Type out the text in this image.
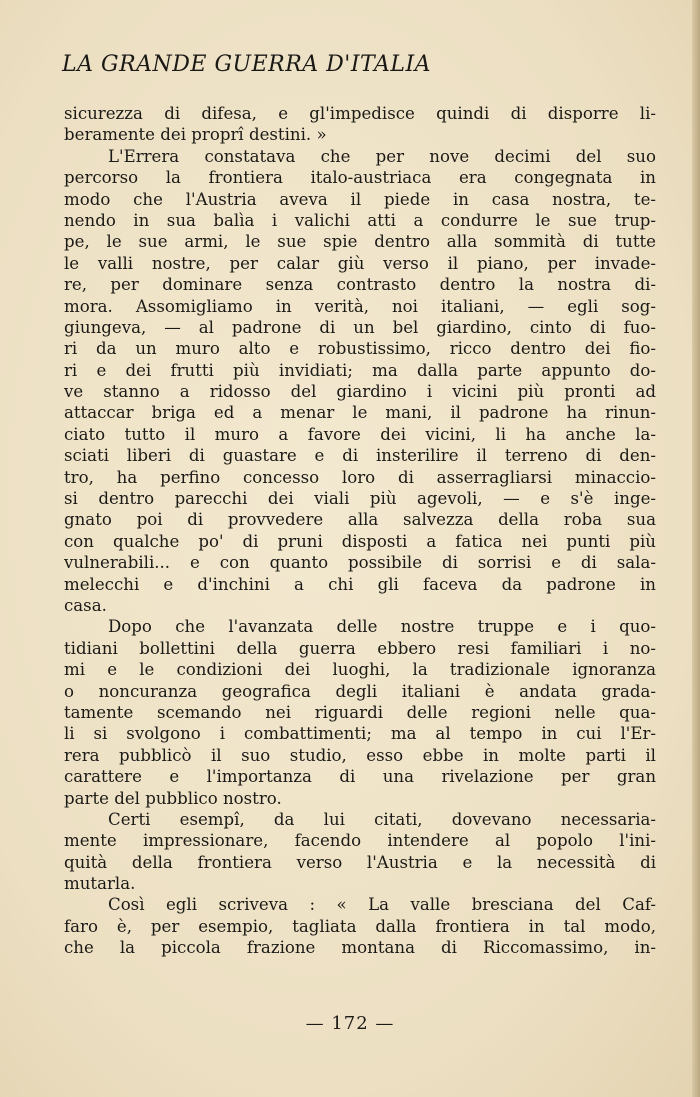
LA GRANDE GUERRA D'ITALIA
sicurezza di difesa, e gl'impedisce quindi di disporre li-
beramente dei proprî destini. »
L'Errera constatava che per nove decimi del suo
percorso la frontiera italo-austriaca era congegnata in
modo che l'Austria aveva il piede in casa nostra, te-
nendo in sua balìa i valichi atti a condurre le sue trup-
pe, le sue armi, le sue spie dentro alla sommità di tutte
le valli nostre, per calar giù verso il piano, per invade-
re, per dominare senza contrasto dentro la nostra di-
mora. Assomigliamo in verità, noi italiani, — egli sog-
giungeva, — al padrone di un bel giardino, cinto di fuo-
ri da un muro alto e robustissimo, ricco dentro dei fio-
ri e dei frutti più invidiati; ma dalla parte appunto do-
ve stanno a ridosso del giardino i vicini più pronti ad
attaccar briga ed a menar le mani, il padrone ha rinun-
ciato tutto il muro a favore dei vicini, li ha anche la-
sciati liberi di guastare e di insterilire il terreno di den-
tro, ha perfino concesso loro di asserragliarsi minaccio-
si dentro parecchi dei viali più agevoli, — e s'è inge-
gnato poi di provvedere alla salvezza della roba sua
con qualche po' di pruni disposti a fatica nei punti più
vulnerabili... e con quanto possibile di sorrisi e di sala-
melecchi e d'inchini a chi gli faceva da padrone in
casa.
Dopo che l'avanzata delle nostre truppe e i quo-
tidiani bollettini della guerra ebbero resi familiari i no-
mi e le condizioni dei luoghi, la tradizionale ignoranza
o noncuranza geografica degli italiani è andata grada-
tamente scemando nei riguardi delle regioni nelle qua-
li si svolgono i combattimenti; ma al tempo in cui l'Er-
rera pubblicò il suo studio, esso ebbe in molte parti il
carattere e l'importanza di una rivelazione per gran
parte del pubblico nostro.
Certi esempî, da lui citati, dovevano necessaria-
mente impressionare, facendo intendere al popolo l'ini-
quità della frontiera verso l'Austria e la necessità di
mutarla.
Così egli scriveva : « La valle bresciana del Caf-
faro è, per esempio, tagliata dalla frontiera in tal modo,
che la piccola frazione montana di Riccomassimo, in-
— 172 —
